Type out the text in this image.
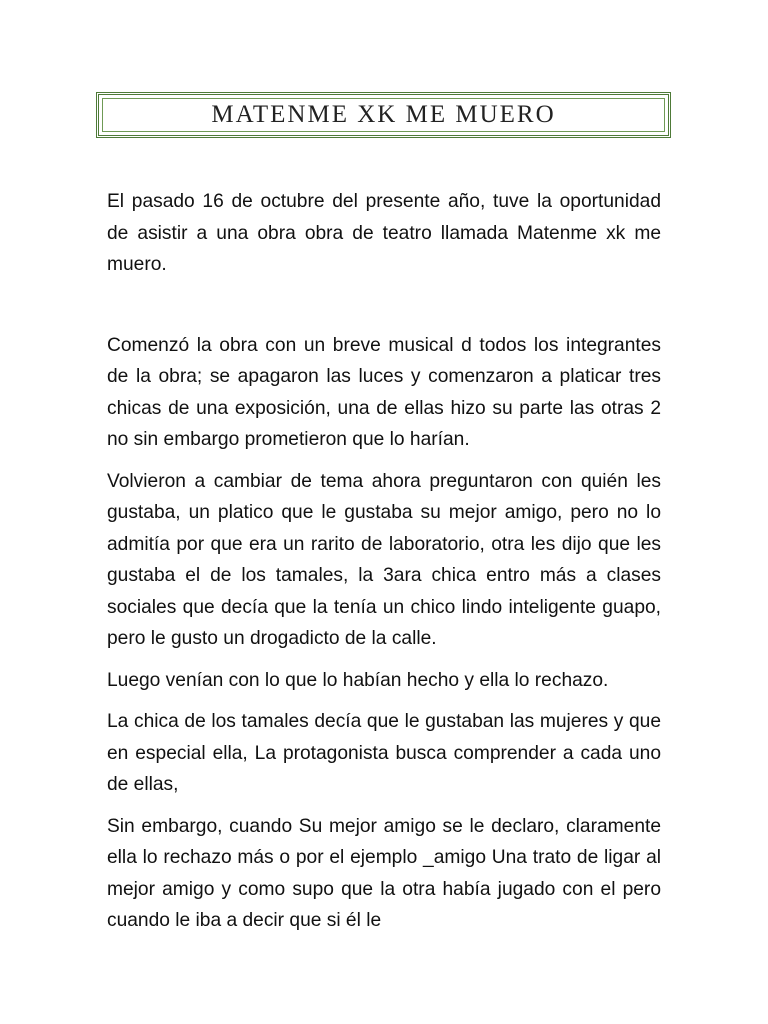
MATENME XK ME MUERO

El pasado 16 de octubre del presente año, tuve la oportunidad de asistir a una obra obra de teatro llamada Matenme xk me muero.

Comenzó la obra con un breve musical d todos los integrantes de la obra; se apagaron las luces y comenzaron a platicar tres chicas de una exposición, una de ellas hizo su parte las otras 2 no sin embargo prometieron que lo harían.

Volvieron a cambiar de tema ahora preguntaron con quién les gustaba, un platico que le gustaba su mejor amigo, pero no lo admitía por que era un rarito de laboratorio, otra les dijo que les gustaba el de los tamales, la 3ara chica entro más a clases sociales que decía que la tenía un chico lindo inteligente guapo, pero le gusto un drogadicto de la calle.

Luego venían con lo que lo habían hecho y ella lo rechazo.

La chica de los tamales decía que le gustaban las mujeres y que en especial ella, La protagonista busca comprender a cada uno de ellas,

Sin embargo, cuando Su mejor amigo se le declaro, claramente ella lo rechazo más o por el ejemplo _amigo Una trato de ligar al mejor amigo y como supo que la otra había jugado con el pero cuando le iba a decir que si él le
